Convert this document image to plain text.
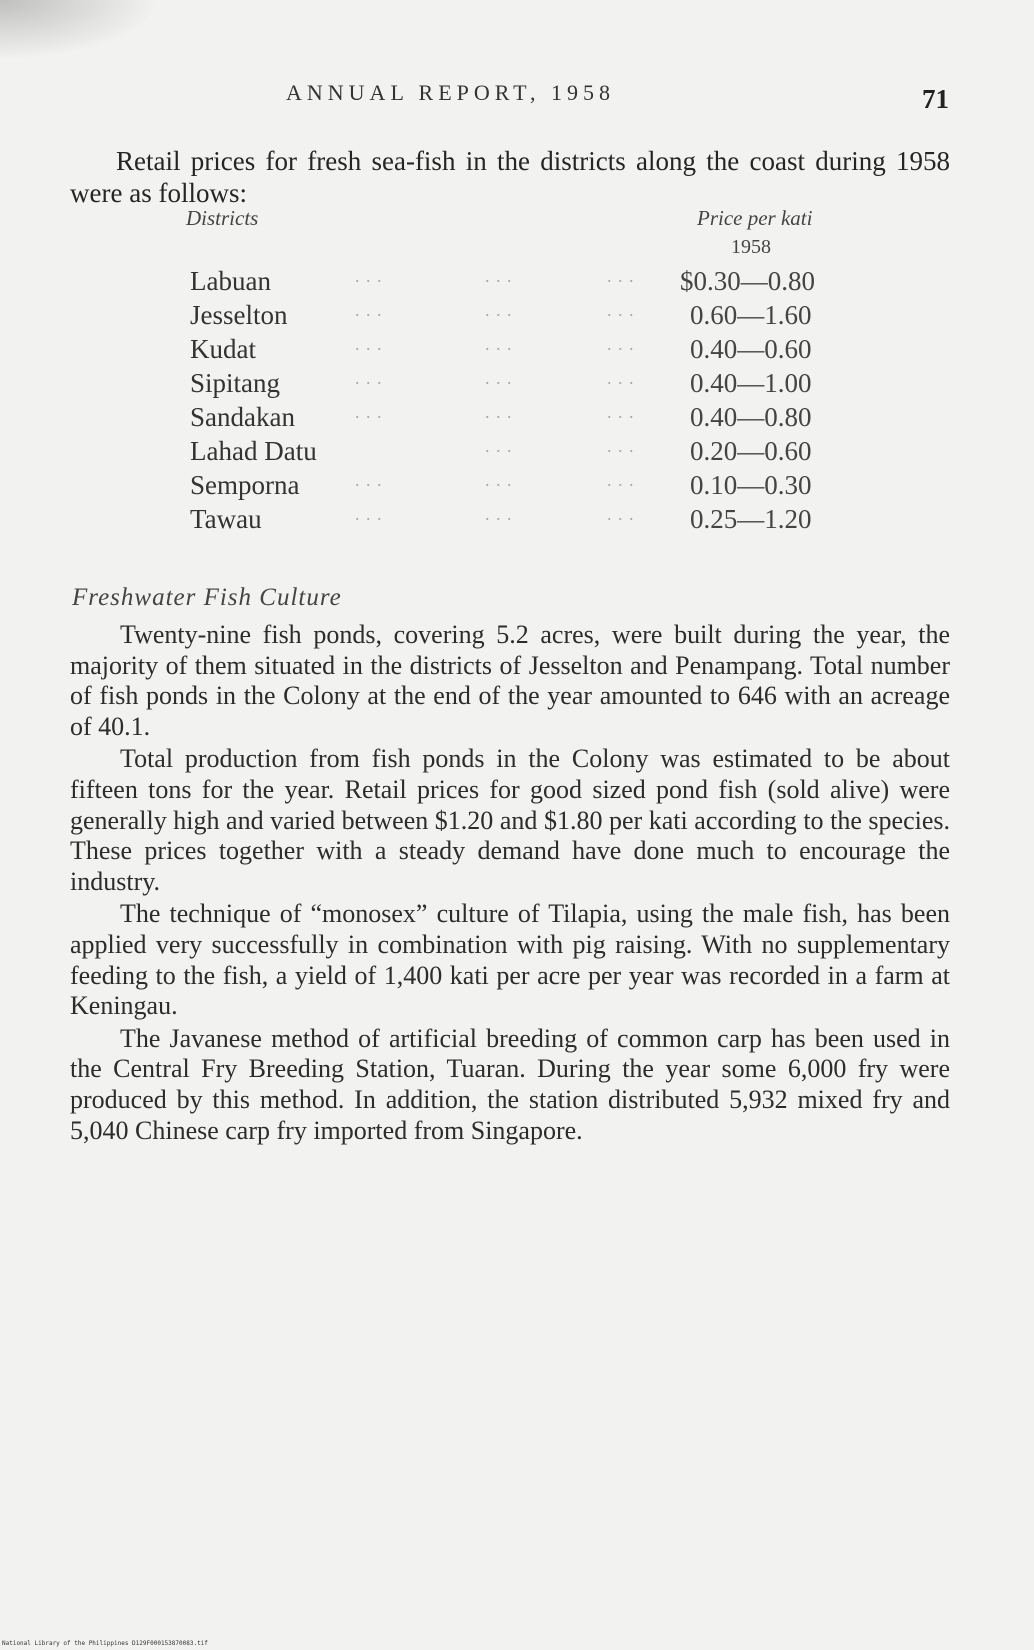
ANNUAL REPORT, 1958	71
Retail prices for fresh sea-fish in the districts along the coast during 1958 were as follows:
Districts	Price per kati
1958
Labuan	. . .	. . .	. . . $0.30—0.80
Jesselton	. . .	. . .	. . . 0.60—1.60
Kudat	. . .	. . .	. . . 0.40—0.60
Sipitang	. . .	. . .	. . . 0.40—1.00
Sandakan	. . .	. . .	. . . 0.40—0.80
Lahad Datu	. . .	. . . 0.20—0.60
Semporna	. . .	. . .	. . . 0.10—0.30
Tawau	. . .	. . .	. . . 0.25—1.20
Freshwater Fish Culture

Twenty-nine fish ponds, covering 5.2 acres, were built during the year, the majority of them situated in the districts of Jesselton and Penampang. Total number of fish ponds in the Colony at the end of the year amounted to 646 with an acreage of 40.1.

Total production from fish ponds in the Colony was estimated to be about fifteen tons for the year. Retail prices for good sized pond fish (sold alive) were generally high and varied between $1.20 and $1.80 per kati according to the species. These prices together with a steady demand have done much to encourage the industry.

The technique of “monosex” culture of Tilapia, using the male fish, has been applied very successfully in combination with pig raising. With no supplementary feeding to the fish, a yield of 1,400 kati per acre per year was recorded in a farm at Keningau.

The Javanese method of artificial breeding of common carp has been used in the Central Fry Breeding Station, Tuaran. During the year some 6,000 fry were produced by this method. In addition, the station distributed 5,932 mixed fry and 5,040 Chinese carp fry imported from Singapore.

National Library of the Philippines D129F000153870083.tif
